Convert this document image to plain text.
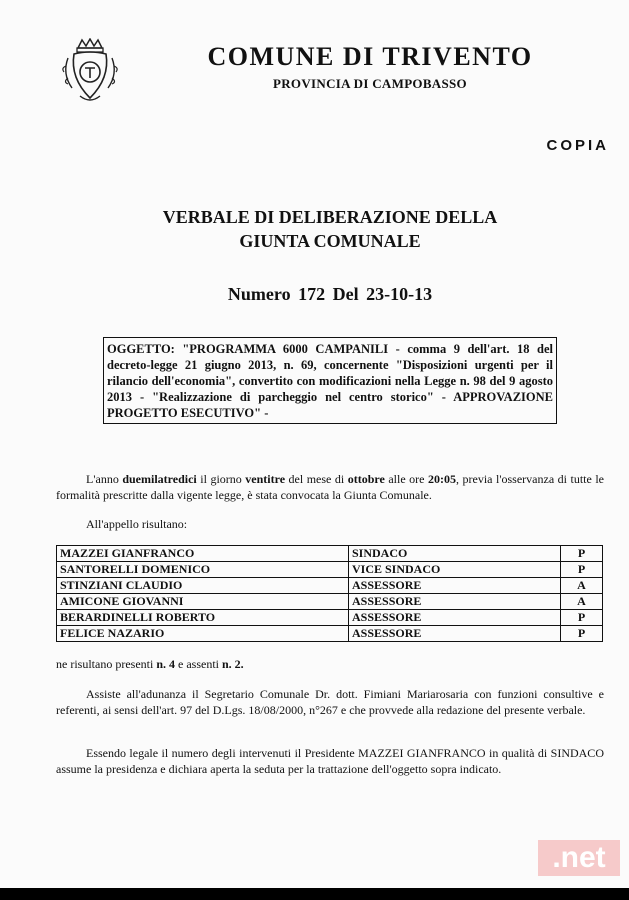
COMUNE DI TRIVENTO
PROVINCIA DI CAMPOBASSO
COPIA
VERBALE DI DELIBERAZIONE DELLA
GIUNTA COMUNALE
Numero 172 Del 23-10-13
OGGETTO: "PROGRAMMA 6000 CAMPANILI - comma 9 dell'art. 18 del decreto-legge 21 giugno 2013, n. 69, concernente "Disposizioni urgenti per il rilancio dell'economia", convertito con modificazioni nella Legge n. 98 del 9 agosto 2013 - "Realizzazione di parcheggio nel centro storico" - APPROVAZIONE PROGETTO ESECUTIVO" -
L'anno duemilatredici il giorno ventitre del mese di ottobre alle ore 20:05, previa l'osservanza di tutte le formalità prescritte dalla vigente legge, è stata convocata la Giunta Comunale.
All'appello risultano:
MAZZEI GIANFRANCO	SINDACO	P
SANTORELLI DOMENICO	VICE SINDACO	P
STINZIANI CLAUDIO	ASSESSORE	A
AMICONE GIOVANNI	ASSESSORE	A
BERARDINELLI ROBERTO	ASSESSORE	P
FELICE NAZARIO	ASSESSORE	P
ne risultano presenti n. 4 e assenti n. 2.
Assiste all'adunanza il Segretario Comunale Dr. dott. Fimiani Mariarosaria con funzioni consultive e referenti, ai sensi dell'art. 97 del D.Lgs. 18/08/2000, n°267 e che provvede alla redazione del presente verbale.
Essendo legale il numero degli intervenuti il Presidente MAZZEI GIANFRANCO in qualità di SINDACO assume la presidenza e dichiara aperta la seduta per la trattazione dell'oggetto sopra indicato.
.net
